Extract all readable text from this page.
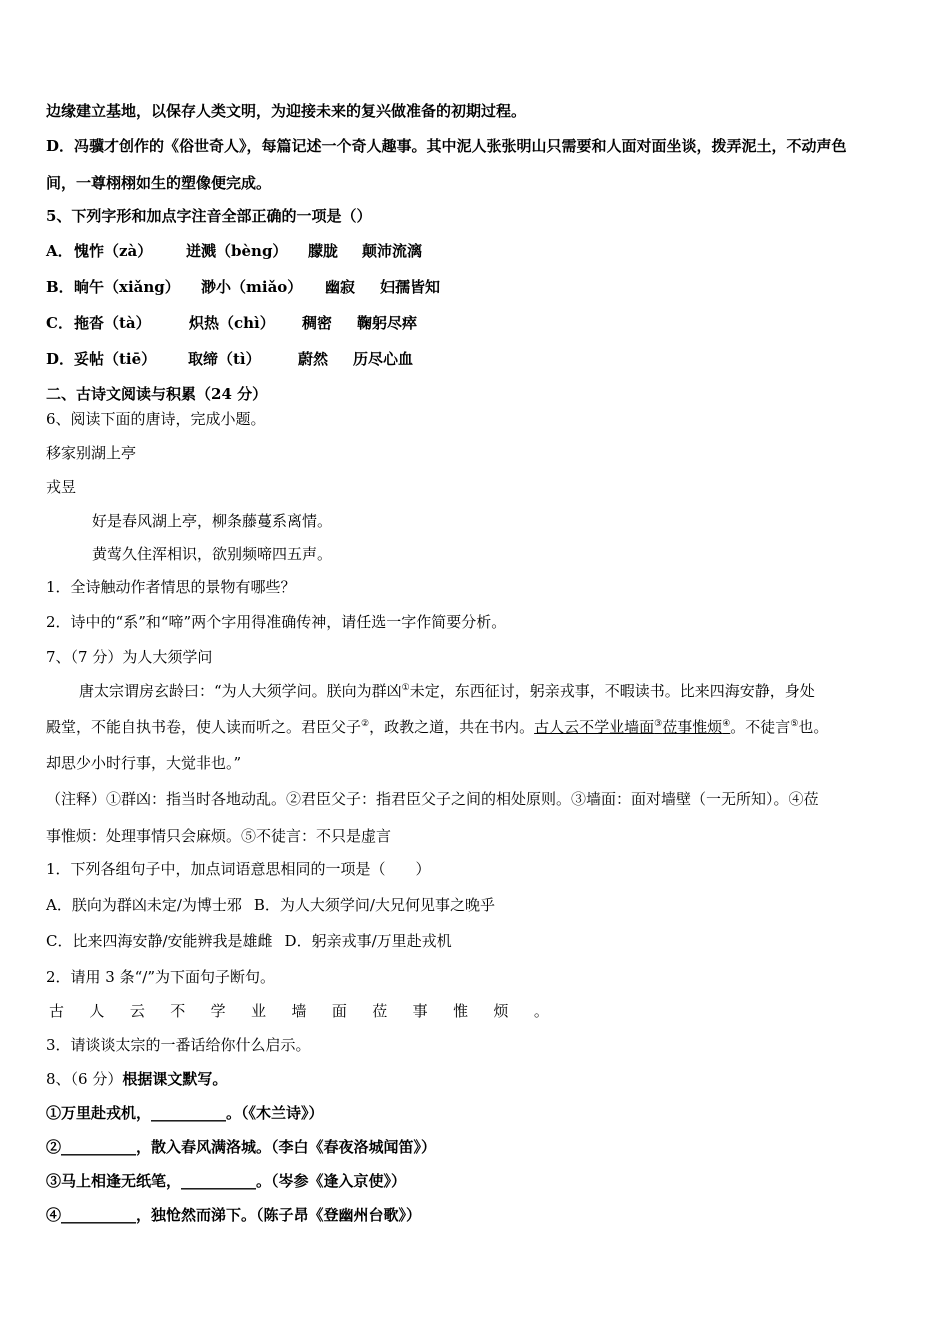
边缘建立基地，以保存人类文明，为迎接未来的复兴做准备的初期过程。
D．冯骥才创作的《俗世奇人》，每篇记述一个奇人趣事。其中泥人张张明山只需要和人面对面坐谈，拨弄泥土，不动声色
间，一尊栩栩如生的塑像便完成。
5、下列字形和加点字注音全部正确的一项是（）
A．愧怍（zà） 迸溅（bèng） 朦胧 颠沛流漓
B．晌午（xiǎng） 渺小（miǎo） 幽寂 妇孺皆知
C．拖沓（tà）	炽热（chì） 稠密 鞠躬尽瘁
D．妥帖（tiē） 取缔（tì） 蔚然 历尽心血
二、古诗文阅读与积累（24 分）
6、阅读下面的唐诗，完成小题。
移家别湖上亭
戎昱
好是春风湖上亭，柳条藤蔓系离情。
黄莺久住浑相识，欲别频啼四五声。
1．全诗触动作者情思的景物有哪些？
2．诗中的“系”和“啼”两个字用得准确传神，请任选一字作简要分析。
7、（7 分）为人大须学问
唐太宗谓房玄龄曰：“为人大须学问。朕向为群凶①未定，东西征讨，躬亲戎事，不暇读书。比来四海安静，身处
殿堂，不能自执书卷，使人读而听之。君臣父子②，政教之道，共在书内。古人云不学业墙面③莅事惟烦④。不徒言⑤也。
却思少小时行事，大觉非也。”
（注释）①群凶：指当时各地动乱。②君臣父子：指君臣父子之间的相处原则。③墙面：面对墙壁（一无所知）。④莅
事惟烦：处理事情只会麻烦。⑤不徒言：不只是虚言
1．下列各组句子中，加点词语意思相同的一项是（　　）
A．朕向为群凶未定/为博士邪 B．为人大须学问/大兄何见事之晚乎
C．比来四海安静/安能辨我是雄雌 D．躬亲戎事/万里赴戎机
2．请用 3 条“/”为下面句子断句。
古 人 云 不 学 业 墙 面 莅 事 惟 烦 。
3．请谈谈太宗的一番话给你什么启示。
8、（6 分）根据课文默写。
①万里赴戎机，__________。（《木兰诗》）
②__________，散入春风满洛城。（李白《春夜洛城闻笛》）
③马上相逢无纸笔，__________。（岑参《逢入京使》）
④__________，独怆然而涕下。（陈子昂《登幽州台歌》）
